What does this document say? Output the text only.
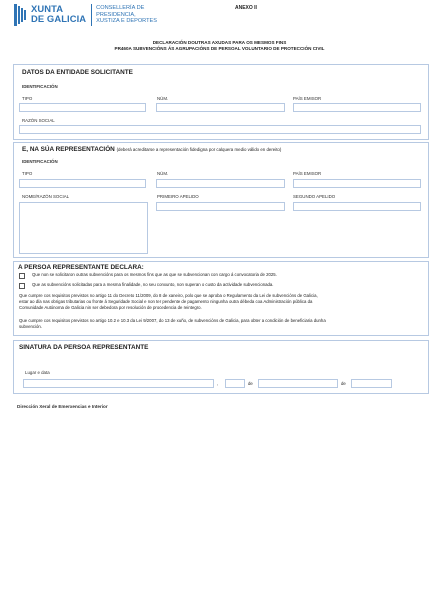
XUNTA
DE GALICIA
CONSELLERÍA DE
PRESIDENCIA,
XUSTIZA E DEPORTES
ANEXO II
DECLARACIÓN DOUTRAS AXUDAS PARA OS MESMOS FINS
PR460A SUBVENCIÓNS ÁS AGRUPACIÓNS DE PERSOAL VOLUNTARIO DE PROTECCIÓN CIVIL
DATOS DA ENTIDADE SOLICITANTE
IDENTIFICACIÓN
TIPO	NÚM.	PAÍS EMISOR
RAZÓN SOCIAL
E, NA SÚA REPRESENTACIÓN (deberá acreditarse a representación fidedigna por calquera medio válido en dereito)
IDENTIFICACIÓN
TIPO	NÚM.	PAÍS EMISOR
NOME/RAZÓN SOCIAL	PRIMEIRO APELIDO	SEGUNDO APELIDO
A PERSOA REPRESENTANTE DECLARA:
Que non se solicitaron outras subvencións para os mesmos fins que as que se subvencionan con cargo á convocatoria de 2025.
Que as subvencións solicitadas para a mesma finalidade, no seu conxunto, non superan o custo da actividade subvencionada.
Que cumpre cos requisitos previstos no artigo 11 do Decreto 11/2009, do 8 de xaneiro, polo que se aproba o Regulamento da Lei de subvencións de Galicia,
estar ao día nas obrigas tributarias ou fronte á Seguridade Social e non ter pendente de pagamento ningunha outra débeda coa Administración pública da
Comunidade Autónoma de Galicia nin ser debedora por resolución de procedencia de reintegro.
Que cumpre cos requisitos previstos no artigo 10.2 e 10.3 da Lei 9/2007, do 13 de xuño, de subvencións de Galicia, para obter a condición de beneficiaria dunha
subvención.
SINATURA DA PERSOA REPRESENTANTE
Lugar e data
,	de	de
Dirección Xeral de Emerxencias e Interior
